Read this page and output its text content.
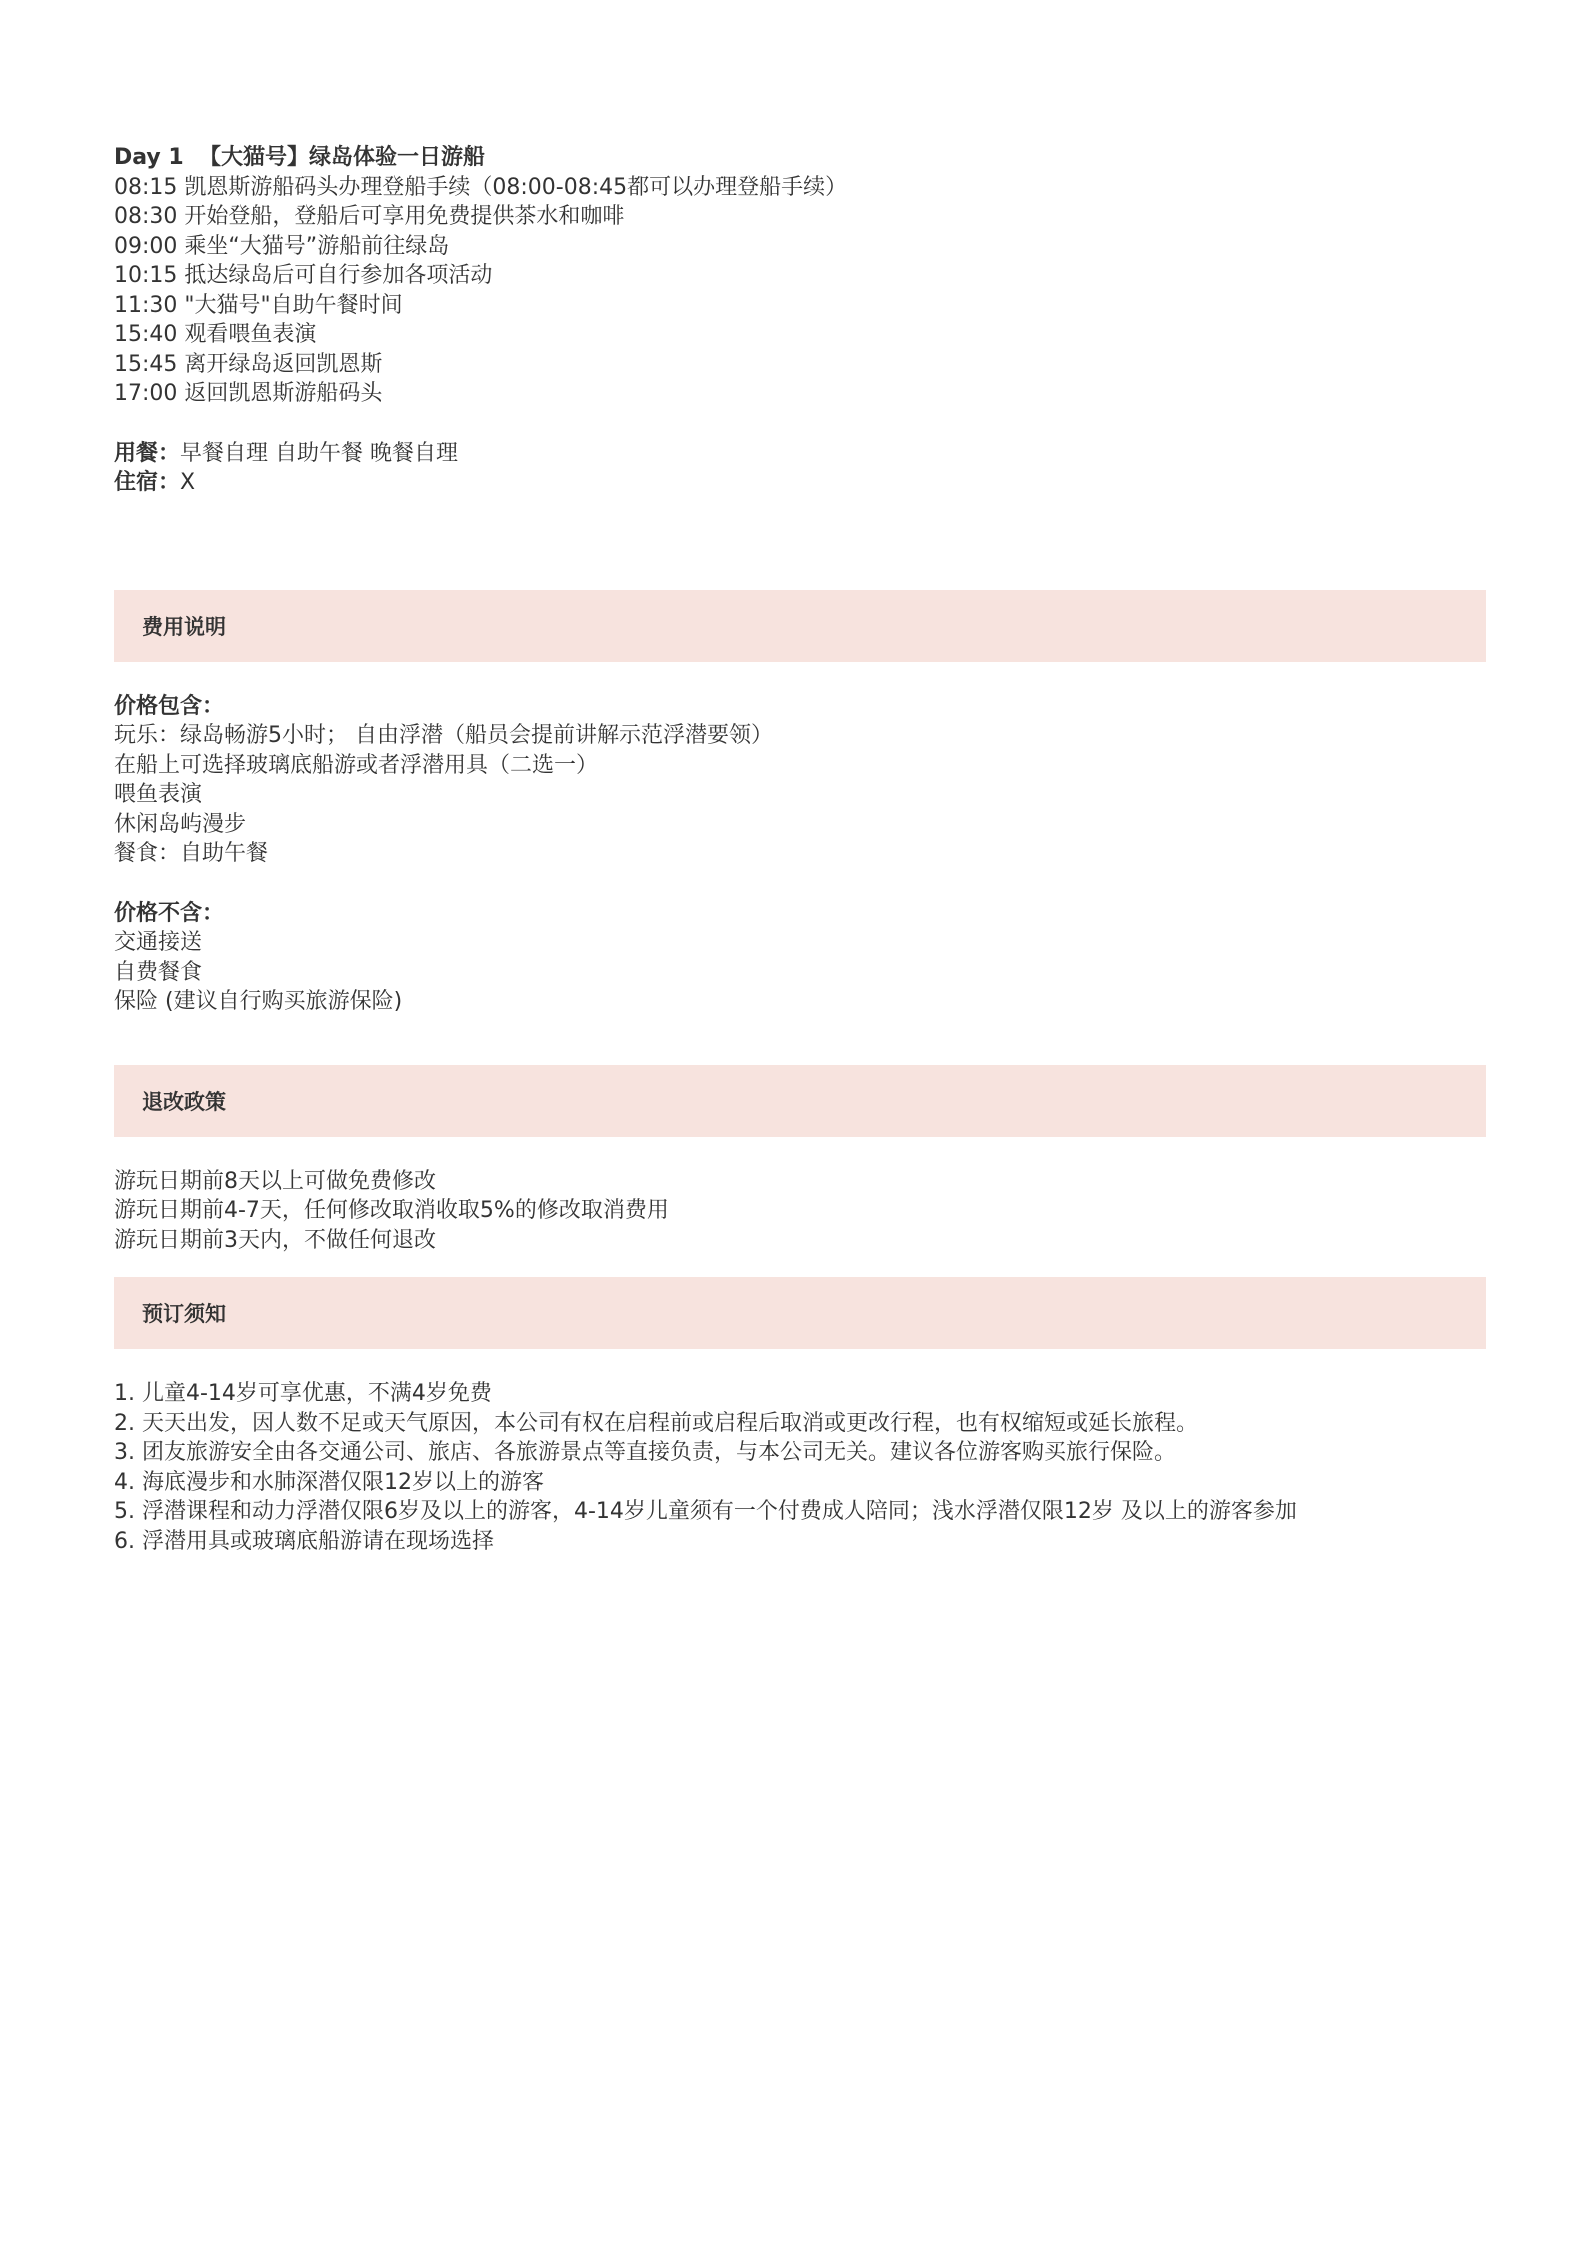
Day 1  【大猫号】绿岛体验一日游船
08:15 凯恩斯游船码头办理登船手续（08:00-08:45都可以办理登船手续）
08:30 开始登船，登船后可享用免费提供茶水和咖啡
09:00 乘坐“大猫号”游船前往绿岛
10:15 抵达绿岛后可自行参加各项活动
11:30 "大猫号"自助午餐时间
15:40 观看喂鱼表演
15:45 离开绿岛返回凯恩斯
17:00 返回凯恩斯游船码头
用餐：早餐自理 自助午餐 晚餐自理
住宿：X
费用说明
价格包含：
玩乐：绿岛畅游5小时； 自由浮潜（船员会提前讲解示范浮潜要领）
在船上可选择玻璃底船游或者浮潜用具（二选一）
喂鱼表演
休闲岛屿漫步
餐食：自助午餐
价格不含：
交通接送
自费餐食
保险 (建议自行购买旅游保险)
退改政策
游玩日期前8天以上可做免费修改
游玩日期前4-7天，任何修改取消收取5%的修改取消费用
游玩日期前3天内，不做任何退改
预订须知
1. 儿童4-14岁可享优惠，不满4岁免费
2. 天天出发，因人数不足或天气原因，本公司有权在启程前或启程后取消或更改行程，也有权缩短或延长旅程。
3. 团友旅游安全由各交通公司、旅店、各旅游景点等直接负责，与本公司无关。建议各位游客购买旅行保险。
4. 海底漫步和水肺深潜仅限12岁以上的游客
5. 浮潜课程和动力浮潜仅限6岁及以上的游客，4-14岁儿童须有一个付费成人陪同；浅水浮潜仅限12岁 及以上的游客参加
6. 浮潜用具或玻璃底船游请在现场选择
